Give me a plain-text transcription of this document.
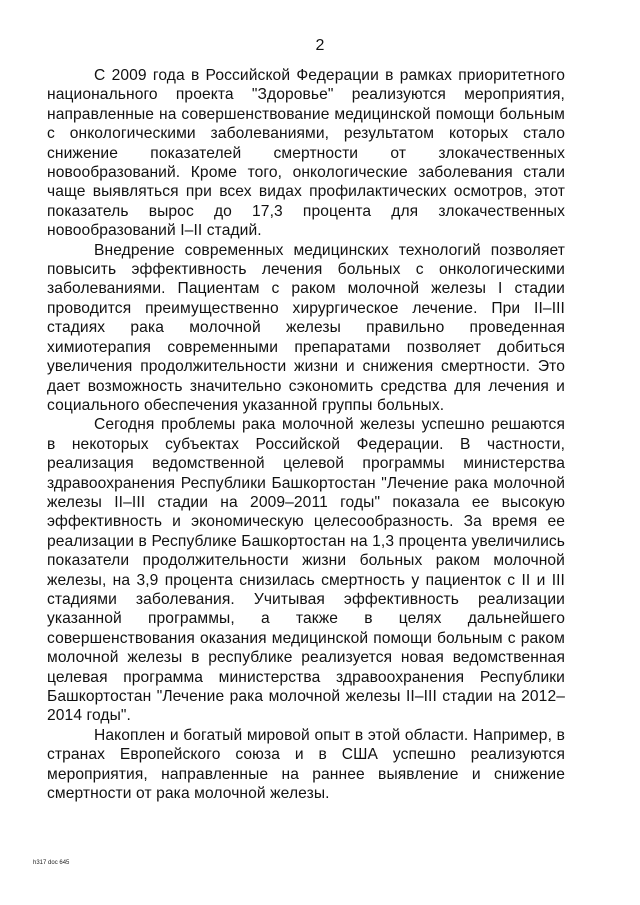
2

С 2009 года в Российской Федерации в рамках приоритетного национального проекта "Здоровье" реализуются мероприятия, направленные на совершенствование медицинской помощи больным с онкологическими заболеваниями, результатом которых стало снижение показателей смертности от злокачественных новообразований. Кроме того, онкологические заболевания стали чаще выявляться при всех видах профилактических осмотров, этот показатель вырос до 17,3 процента для злокачественных новообразований I–II стадий.

Внедрение современных медицинских технологий позволяет повысить эффективность лечения больных с онкологическими заболеваниями. Пациентам с раком молочной железы I стадии проводится преимущественно хирургическое лечение. При II–III стадиях рака молочной железы правильно проведенная химиотерапия современными препаратами позволяет добиться увеличения продолжительности жизни и снижения смертности. Это дает возможность значительно сэкономить средства для лечения и социального обеспечения указанной группы больных.

Сегодня проблемы рака молочной железы успешно решаются в некоторых субъектах Российской Федерации. В частности, реализация ведомственной целевой программы министерства здравоохранения Республики Башкортостан "Лечение рака молочной железы II–III стадии на 2009–2011 годы" показала ее высокую эффективность и экономическую целесообразность. За время ее реализации в Республике Башкортостан на 1,3 процента увеличились показатели продолжительности жизни больных раком молочной железы, на 3,9 процента снизилась смертность у пациенток с II и III стадиями заболевания. Учитывая эффективность реализации указанной программы, а также в целях дальнейшего совершенствования оказания медицинской помощи больным с раком молочной железы в республике реализуется новая ведомственная целевая программа министерства здравоохранения Республики Башкортостан "Лечение рака молочной железы II–III стадии на 2012–2014 годы".

Накоплен и богатый мировой опыт в этой области. Например, в странах Европейского союза и в США успешно реализуются мероприятия, направленные на раннее выявление и снижение смертности от рака молочной железы.

h317 doc 645
